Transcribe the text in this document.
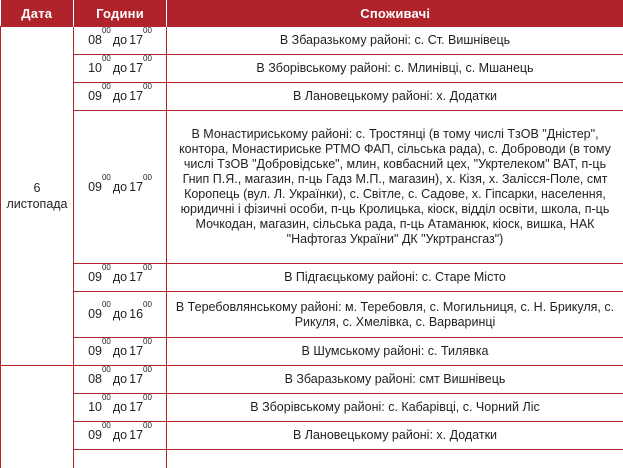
Дата	Години	Споживачі
6
листопада	$08^{00}до$ $17^{00}$	В Збаразькому районі: с. Ст. Вишнівець
	$10^{00}до$ $17^{00}$	В Зборівському районі: с. Млинівці, с. Мшанець
	$09^{00}до$ $17^{00}$	В Лановецькому районі: х. Додатки
	$09^{00}до$ $17^{00}$	В Монастириському районі: с. Тростянці (в тому числі ТзОВ "Дністер", контора, Монастириське РТМО ФАП, сільська рада), с. Доброводи (в тому числі ТзОВ "Добровідське", млин, ковбасний цех, "Укртелеком" ВАТ, п-ць Гнип П.Я., магазин, п-ць Гадз М.П., магазин), х. Кізя, х. Залісся-Поле, смт Коропець (вул. Л. Українки), с. Світле, с. Садове, х. Гіпсарки, населення, юридичні і фізичні особи, п-ць Кролицька, кіоск, відділ освіти, школа, п-ць Мочкодан, магазин, сільська рада, п-ць Атаманюк, кіоск, вишка, НАК "Нафтогаз України" ДК "Укртрансгаз")
	$09^{00}до$ $17^{00}$	В Підгаєцькому районі: с. Старе Місто
	$09^{00}до$ $16^{00}$	В Теребовлянському районі: м. Теребовля, с. Могильниця, с. Н. Брикуля, с. Рикуля, с. Хмелівка, с. Варваринці
	$09^{00}до$ $17^{00}$	В Шумському районі: с. Тилявка
	$08^{00}до$ $17^{00}$	В Збаразькому районі: смт Вишнівець
	$10^{00}до$ $17^{00}$	В Зборівському районі: с. Кабарівці, с. Чорний Ліс
	$09^{00}до$ $17^{00}$	В Лановецькому районі: х. Додатки
